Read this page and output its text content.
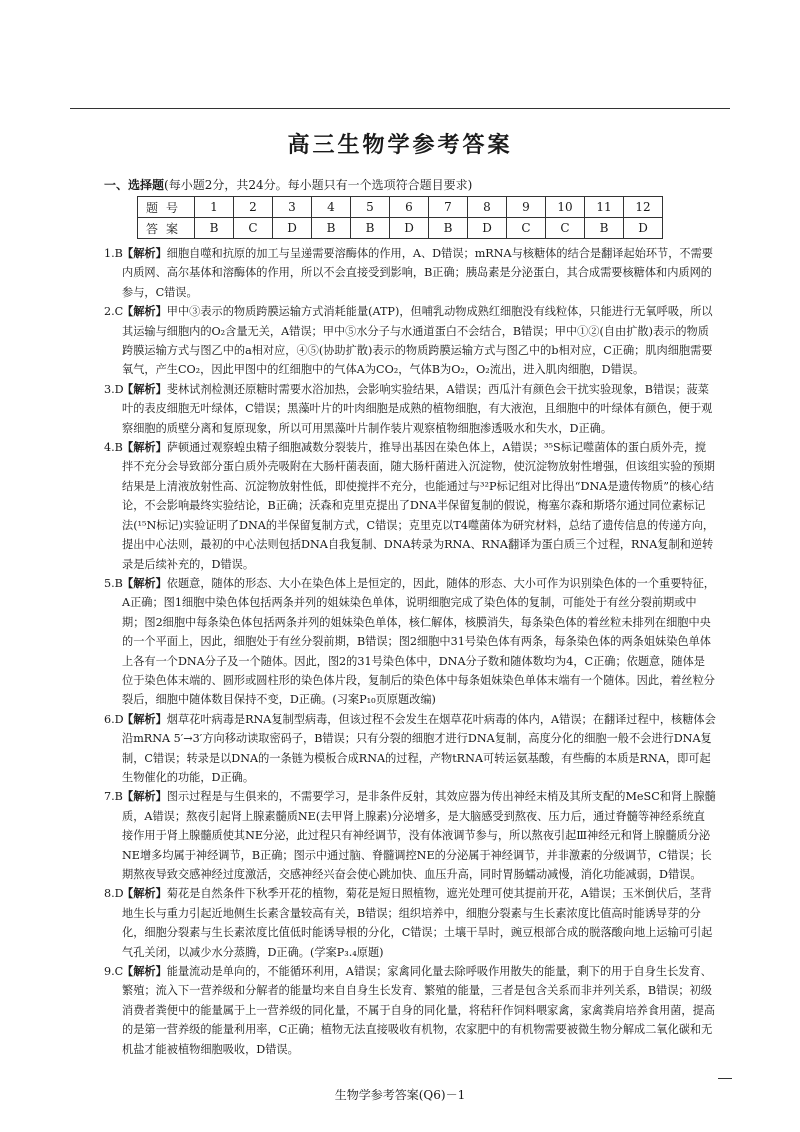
高三生物学参考答案
一、选择题(每小题2分，共24分。每小题只有一个选项符合题目要求)
题号	1	2	3	4	5	6	7	8	9	10	11	12
答案	B	C	D	B	B	D	B	D	C	C	B	D

1.B 【解析】细胞自噬和抗原的加工与呈递需要溶酶体的作用，A、D错误；mRNA与核糖体的结合是翻译起始环节，不需要内质网、高尔基体和溶酶体的作用，所以不会直接受到影响，B正确；胰岛素是分泌蛋白，其合成需要核糖体和内质网的参与，C错误。

2.C
【解析】甲中③表示的物质跨膜运输方式消耗能量(ATP)，但哺乳动物成熟红细胞没有线粒体，只能进行无氧呼吸，所以其运输与细胞内的O₂含量无关，A错误；甲中⑤水分子与水通道蛋白不会结合，B错误；甲中①②(自由扩散)表示的物质跨膜运输方式与图乙中的a相对应，④⑤(协助扩散)表示的物质跨膜运输方式与图乙中的b相对应，C正确；肌肉细胞需要氧气，产生CO₂，因此甲图中的红细胞中的气体A为CO₂，气体B为O₂，O₂流出，进入肌肉细胞，D错误。

3.D
【解析】斐林试剂检测还原糖时需要水浴加热，会影响实验结果，A错误；西瓜汁有颜色会干扰实验现象，B错误；菠菜叶的表皮细胞无叶绿体，C错误；黑藻叶片的叶肉细胞是成熟的植物细胞，有大液泡，且细胞中的叶绿体有颜色，便于观察细胞的质壁分离和复原现象，所以可用黑藻叶片制作装片观察植物细胞渗透吸水和失水，D正确。

4.B 【解析】萨顿通过观察蝗虫精子细胞减数分裂装片，推导出基因在染色体上，A错误；³⁵S标记噬菌体的蛋白质外壳，搅拌不充分会导致部分蛋白质外壳吸附在大肠杆菌表面，随大肠杆菌进入沉淀物，使沉淀物放射性增强，但该组实验的预期结果是上清液放射性高、沉淀物放射性低，即使搅拌不充分，也能通过与³²P标记组对比得出“DNA是遗传物质”的核心结论，不会影响最终实验结论，B正确；沃森和克里克提出了DNA半保留复制的假说，梅塞尔森和斯塔尔通过同位素标记法(¹⁵N标记)实验证明了DNA的半保留复制方式，C错误；克里克以T4噬菌体为研究材料，总结了遗传信息的传递方向，提出中心法则，最初的中心法则包括DNA自我复制、DNA转录为RNA、RNA翻译为蛋白质三个过程，RNA复制和逆转录是后续补充的，D错误。

5.B 【解析】依题意，随体的形态、大小在染色体上是恒定的，因此，随体的形态、大小可作为识别染色体的一个重要特征，A正确；图1细胞中染色体包括两条并列的姐妹染色单体，说明细胞完成了染色体的复制，可能处于有丝分裂前期或中期；图2细胞中每条染色体包括两条并列的姐妹染色单体，核仁解体，核膜消失，每条染色体的着丝粒未排列在细胞中央的一个平面上，因此，细胞处于有丝分裂前期，B错误；图2细胞中31号染色体有两条，每条染色体的两条姐妹染色单体上各有一个DNA分子及一个随体。因此，图2的31号染色体中，DNA分子数和随体数均为4，C正确；依题意，随体是位于染色体末端的、圆形或圆柱形的染色体片段，复制后的染色体中每条姐妹染色单体末端有一个随体。因此，着丝粒分裂后，细胞中随体数目保持不变，D正确。(习案P₁₀页原题改编)

6.D
【解析】烟草花叶病毒是RNA复制型病毒，但该过程不会发生在烟草花叶病毒的体内，A错误；在翻译过程中，核糖体会沿mRNA 5′→3′方向移动读取密码子，B错误；只有分裂的细胞才进行DNA复制，高度分化的细胞一般不会进行DNA复制，C错误；转录是以DNA的一条链为模板合成RNA的过程，产物tRNA可转运氨基酸，有些酶的本质是RNA，即可起生物催化的功能，D正确。

7.B 【解析】图示过程是与生俱来的，不需要学习，是非条件反射，其效应器为传出神经末梢及其所支配的MeSC和肾上腺髓质，A错误；熬夜引起肾上腺素髓质NE(去甲肾上腺素)分泌增多，是大脑感受到熬夜、压力后，通过脊髓等神经系统直接作用于肾上腺髓质使其NE分泌，此过程只有神经调节，没有体液调节参与，所以熬夜引起Ⅲ神经元和肾上腺髓质分泌NE增多均属于神经调节，B正确；图示中通过脑、脊髓调控NE的分泌属于神经调节，并非激素的分级调节，C错误；长期熬夜导致交感神经过度激活，交感神经兴奋会使心跳加快、血压升高，同时胃肠蠕动减慢，消化功能减弱，D错误。

8.D
【解析】菊花是自然条件下秋季开花的植物，菊花是短日照植物，遮光处理可使其提前开花，A错误；玉米倒伏后，茎背地生长与重力引起近地侧生长素含量较高有关，B错误；组织培养中，细胞分裂素与生长素浓度比值高时能诱导芽的分化，细胞分裂素与生长素浓度比值低时能诱导根的分化，C错误；土壤干旱时，豌豆根部合成的脱落酸向地上运输可引起气孔关闭，以减少水分蒸腾，D正确。(学案P₃.₄原题)

9.C
【解析】能量流动是单向的，不能循环利用，A错误；家禽同化量去除呼吸作用散失的能量，剩下的用于自身生长发育、繁殖；流入下一营养级和分解者的能量均来自自身生长发育、繁殖的能量，三者是包含关系而非并列关系，B错误；初级消费者粪便中的能量属于上一营养级的同化量，不属于自身的同化量，将秸秆作饲料喂家禽，家禽粪肩培养食用菌，提高的是第一营养级的能量利用率，C正确；植物无法直接吸收有机物，农家肥中的有机物需要被微生物分解成二氧化碳和无机盐才能被植物细胞吸收，D错误。

生物学参考答案(Q6)－1
